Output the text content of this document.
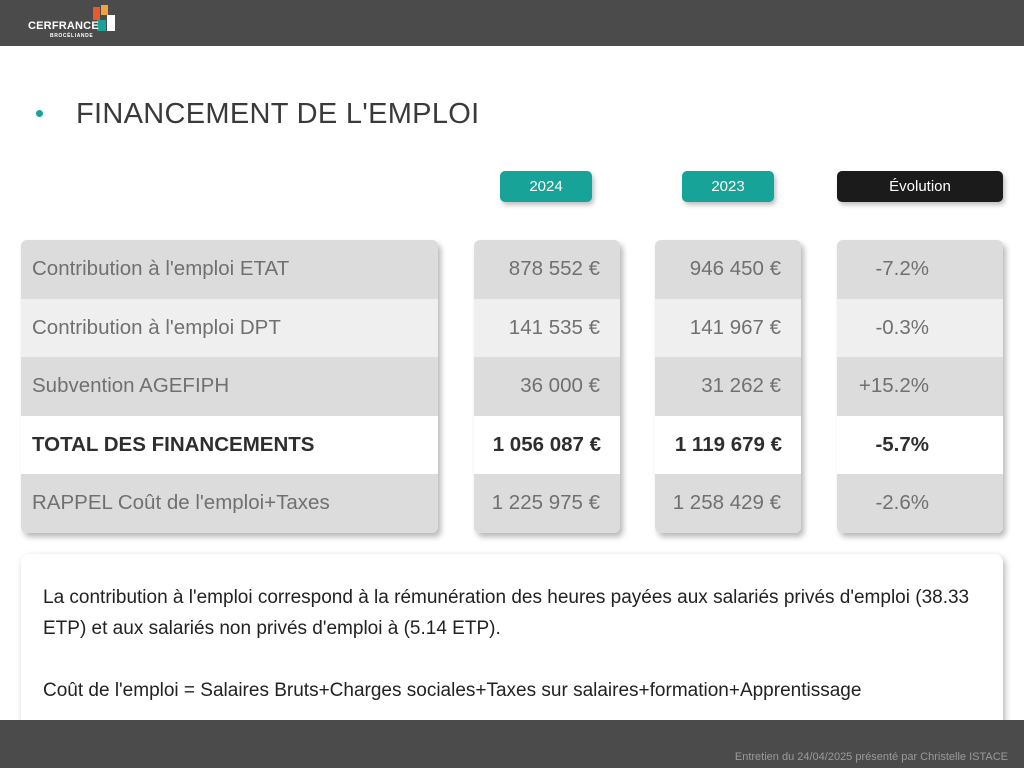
CERFRANCE
BROCÉLIANDE
FINANCEMENT DE L'EMPLOI
2024	2023	Évolution
Contribution à l'emploi ETAT
Contribution à l'emploi DPT
Subvention AGEFIPH
TOTAL DES FINANCEMENTS
RAPPEL Coût de l'emploi+Taxes
878 552 €
141 535 €
36 000 €
1 056 087 €
1 225 975 €
946 450 €
141 967 €
31 262 €
1 119 679 €
1 258 429 €
-7.2%
-0.3%
+15.2%
-5.7%
-2.6%

La contribution à l'emploi correspond à la rémunération des heures payées aux salariés privés d'emploi (38.33 ETP) et aux salariés non privés d'emploi à (5.14 ETP).

Coût de l'emploi = Salaires Bruts+Charges sociales+Taxes sur salaires+formation+Apprentissage

Entretien du 24/04/2025 présenté par Christelle ISTACE
